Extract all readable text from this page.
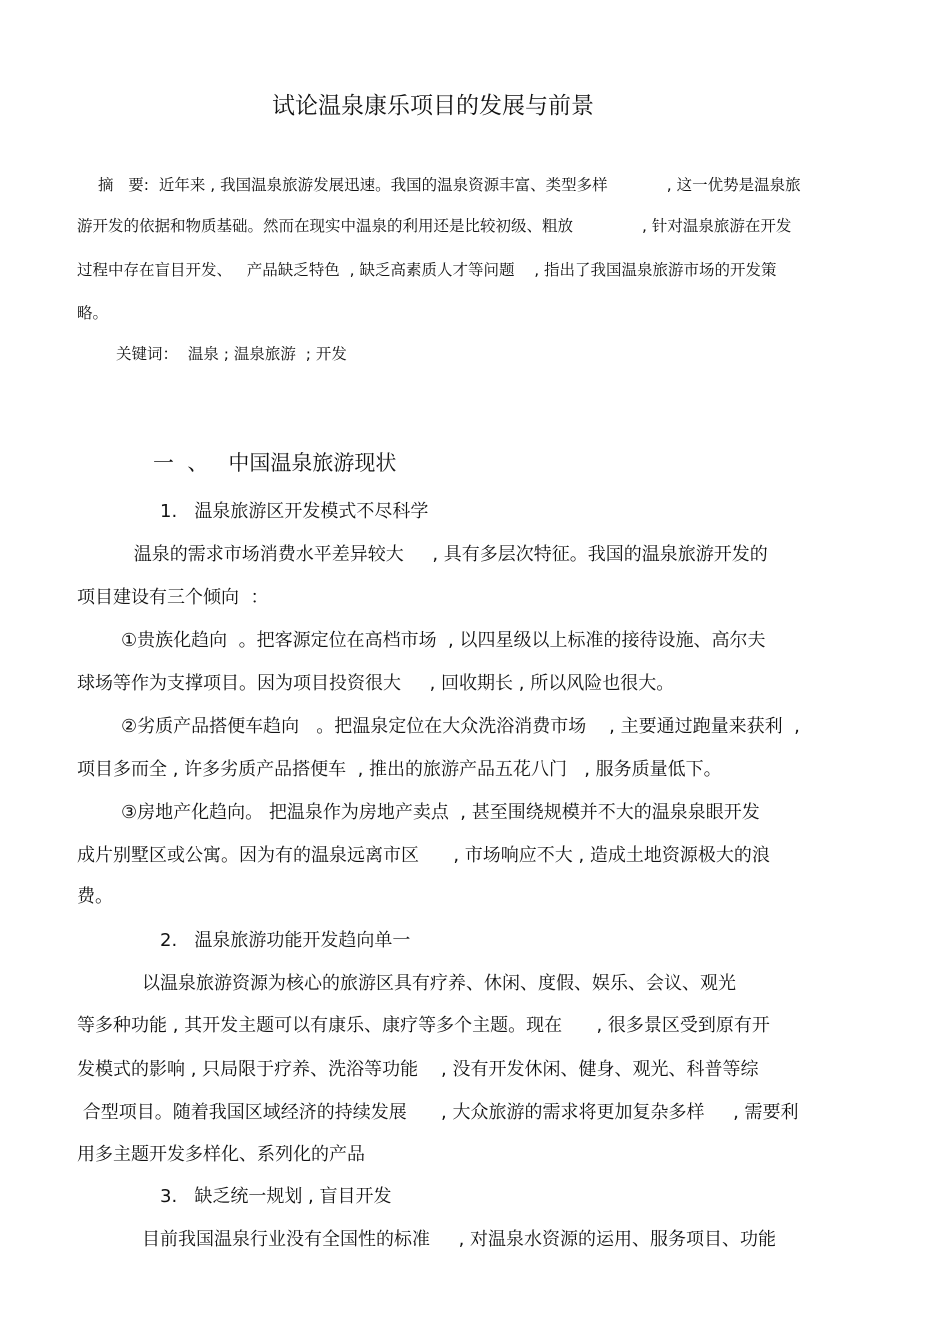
试论温泉康乐项目的发展与前景
摘   要:  近年来 , 我国温泉旅游发展迅速。我国的温泉资源丰富、类型多样            , 这一优势是温泉旅
游开发的依据和物质基础。然而在现实中温泉的利用还是比较初级、粗放              , 针对温泉旅游在开发
过程中存在盲目开发、   产品缺乏特色  , 缺乏高素质人才等问题    , 指出了我国温泉旅游市场的开发策
略。
关键词：  温泉 ; 温泉旅游  ; 开发
一  、   中国温泉旅游现状
1.   温泉旅游区开发模式不尽科学
温泉的需求市场消费水平差异较大     , 具有多层次特征。我国的温泉旅游开发的
项目建设有三个倾向  ：
①贵族化趋向  。把客源定位在高档市场  , 以四星级以上标准的接待设施、高尔夫
球场等作为支撑项目。因为项目投资很大     , 回收期长 , 所以风险也很大。
②劣质产品搭便车趋向   。把温泉定位在大众洗浴消费市场    , 主要通过跑量来获利  ,
项目多而全 , 许多劣质产品搭便车  , 推出的旅游产品五花八门   , 服务质量低下。
③房地产化趋向。 把温泉作为房地产卖点  , 甚至围绕规模并不大的温泉泉眼开发
成片别墅区或公寓。因为有的温泉远离市区      , 市场响应不大 , 造成土地资源极大的浪
费。
2.   温泉旅游功能开发趋向单一
以温泉旅游资源为核心的旅游区具有疗养、休闲、度假、娱乐、会议、观光
等多种功能 , 其开发主题可以有康乐、康疗等多个主题。现在      , 很多景区受到原有开
发模式的影响 , 只局限于疗养、洗浴等功能    , 没有开发休闲、健身、观光、科普等综
合型项目。随着我国区域经济的持续发展      , 大众旅游的需求将更加复杂多样     , 需要利
用多主题开发多样化、系列化的产品
3.   缺乏统一规划 , 盲目开发
目前我国温泉行业没有全国性的标准     , 对温泉水资源的运用、服务项目、功能
